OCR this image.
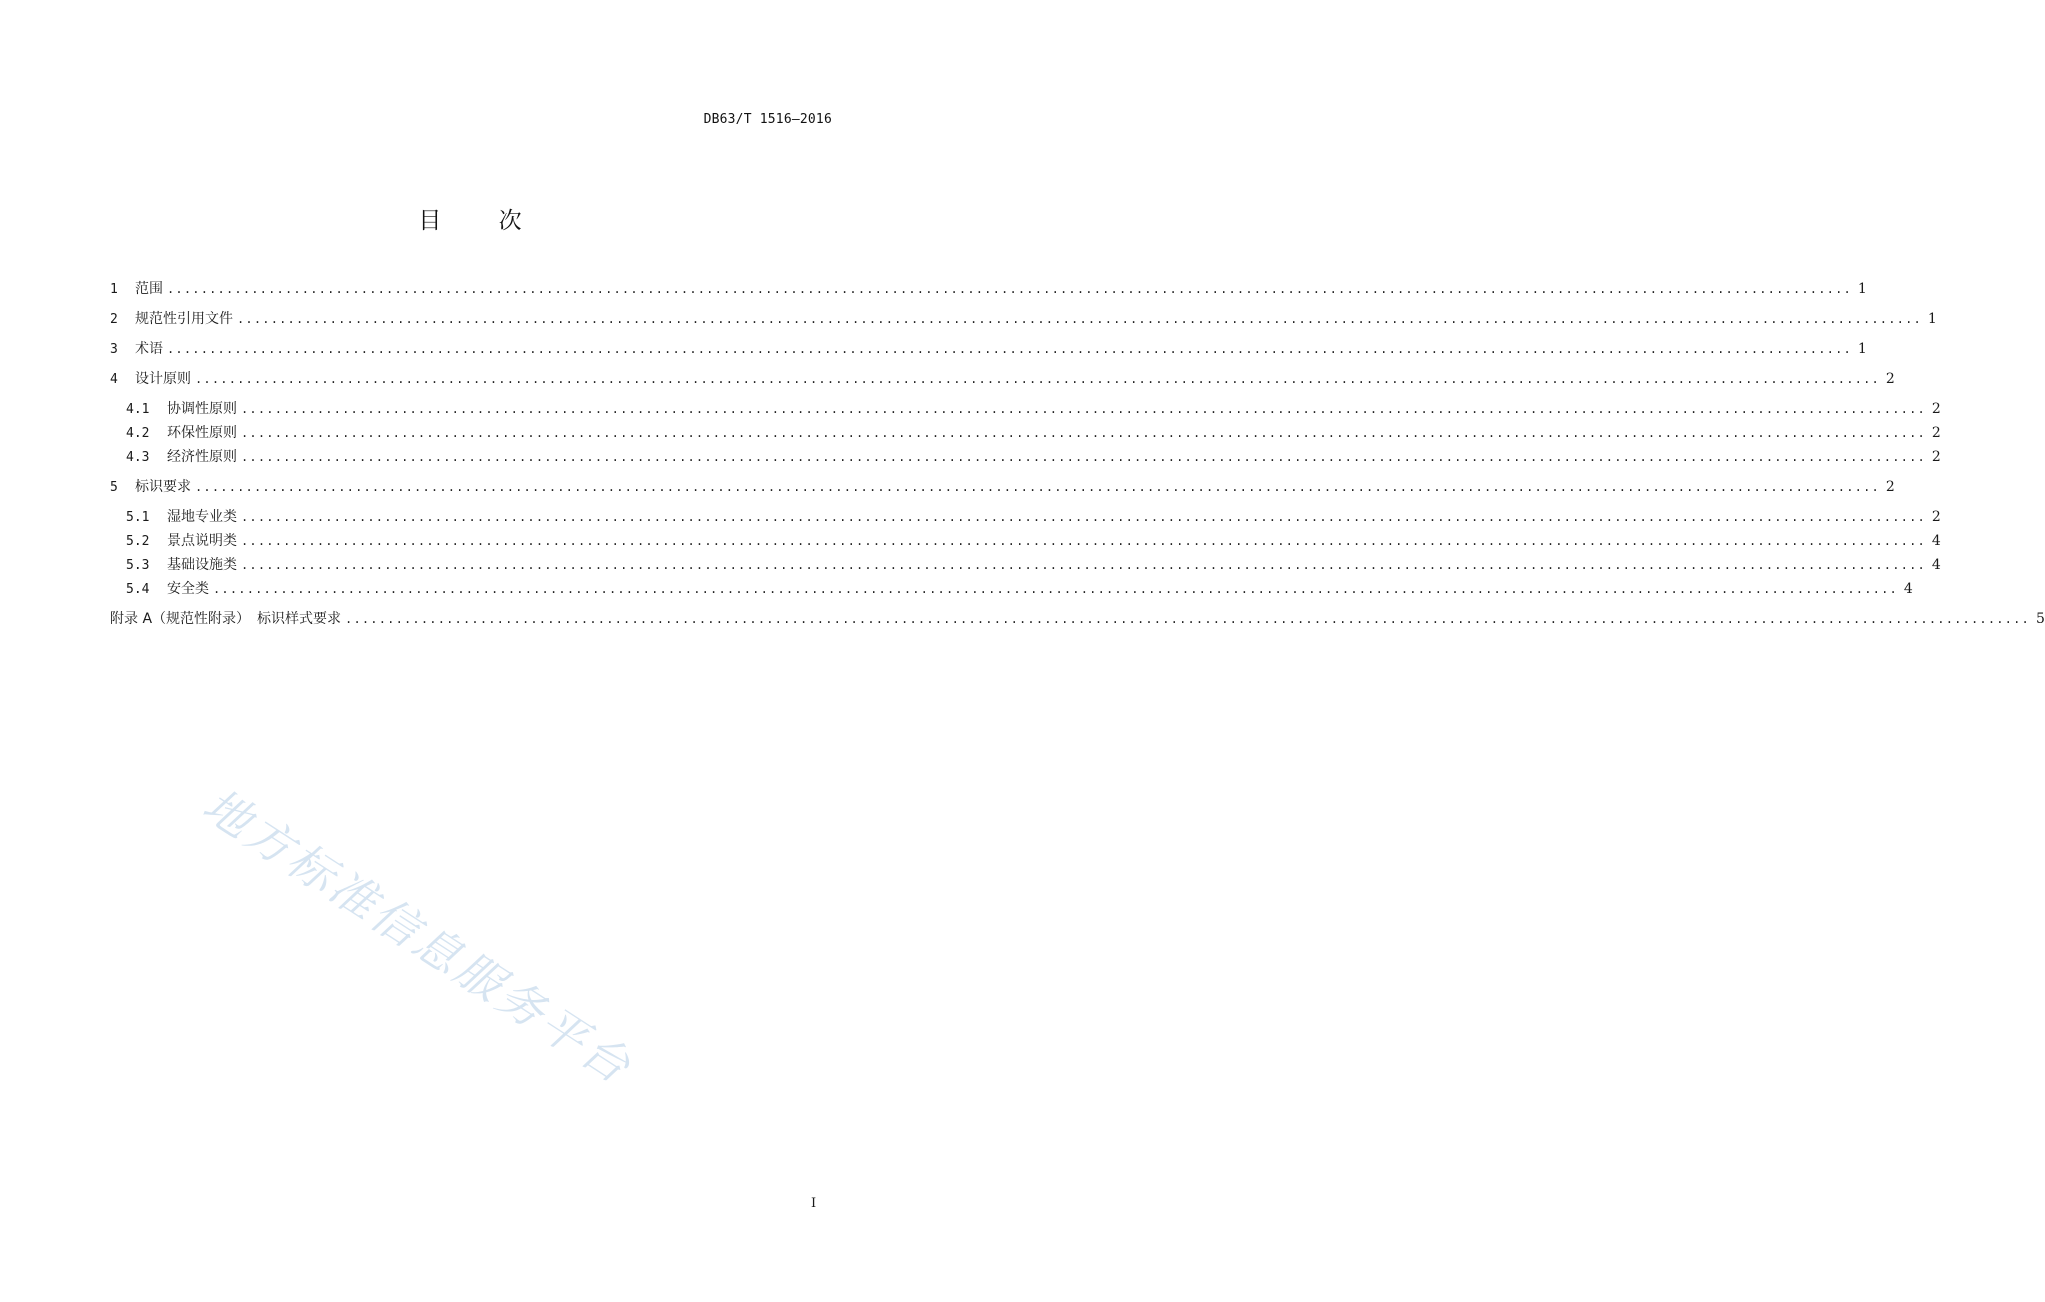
DB63/T 1516—2016
目 次
1	范围 ........................................................................................................................................................................................................ 1
2	规范性引用文件 ........................................................................................................................................................................................................ 1
3	术语 ........................................................................................................................................................................................................ 1
4	设计原则 ........................................................................................................................................................................................................ 2
4.1	协调性原则 ........................................................................................................................................................................................................ 2
4.2	环保性原则 ........................................................................................................................................................................................................ 2
4.3	经济性原则 ........................................................................................................................................................................................................ 2
5	标识要求 ........................................................................................................................................................................................................ 2
5.1	湿地专业类 ........................................................................................................................................................................................................ 2
5.2	景点说明类 ........................................................................................................................................................................................................ 4
5.3	基础设施类 ........................................................................................................................................................................................................ 4
5.4	安全类 ........................................................................................................................................................................................................ 4
附录 A（规范性附录）　标识样式要求 ........................................................................................................................................................................................................ 5
地方标准信息服务平台
I
